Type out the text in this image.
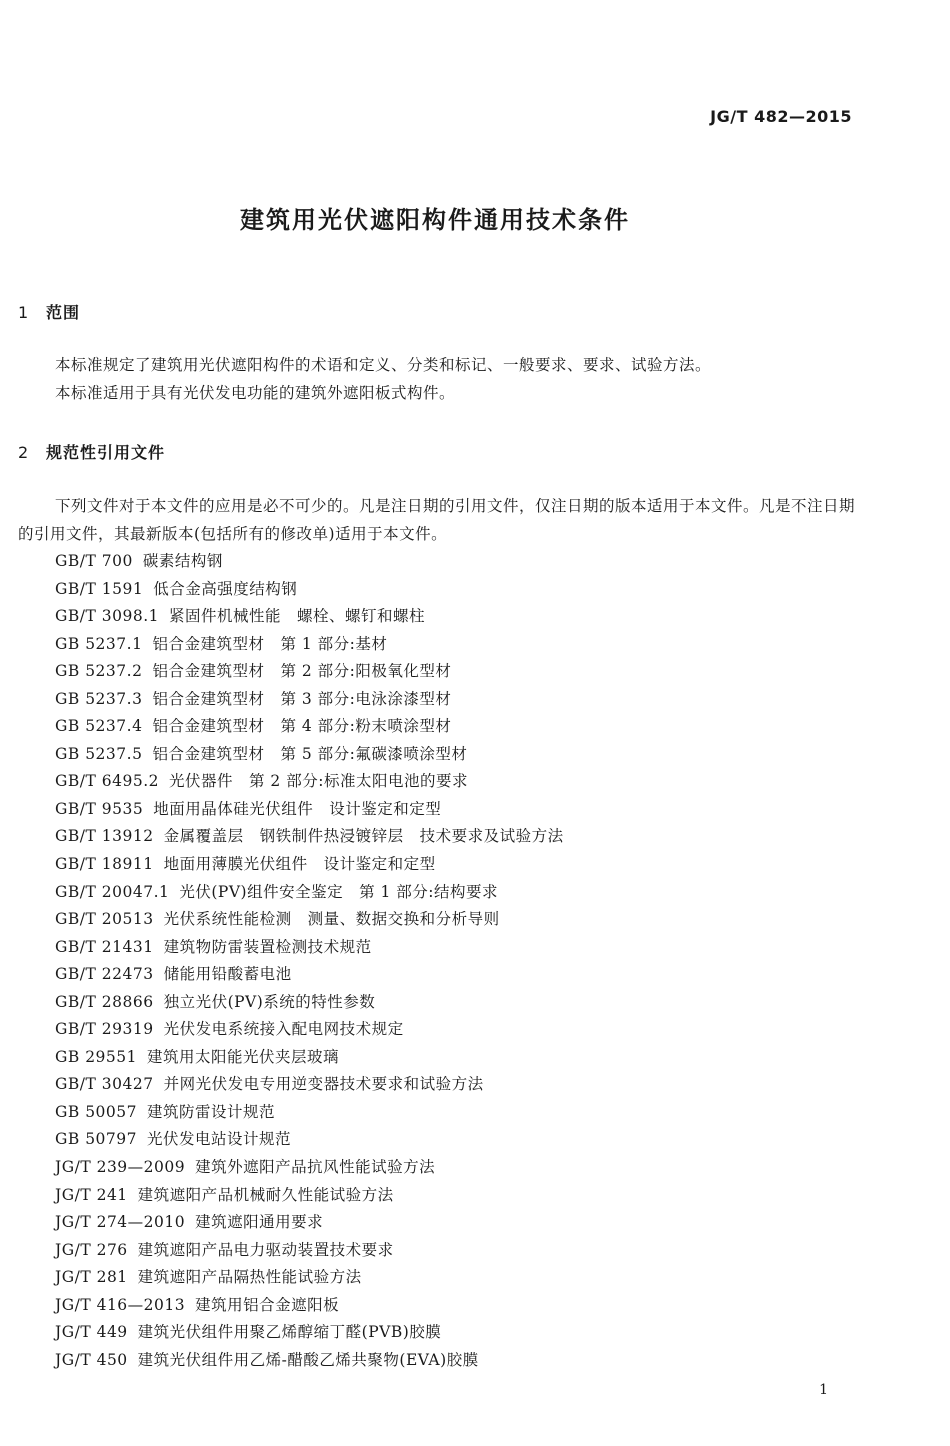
JG/T 482—2015
建筑用光伏遮阳构件通用技术条件
1 范围
本标准规定了建筑用光伏遮阳构件的术语和定义、分类和标记、一般要求、要求、试验方法。
本标准适用于具有光伏发电功能的建筑外遮阳板式构件。
2 规范性引用文件
下列文件对于本文件的应用是必不可少的。凡是注日期的引用文件，仅注日期的版本适用于本文件。凡是不注日期的引用文件，其最新版本(包括所有的修改单)适用于本文件。
GB/T 700 碳素结构钢
GB/T 1591 低合金高强度结构钢
GB/T 3098.1 紧固件机械性能　螺栓、螺钉和螺柱
GB 5237.1 铝合金建筑型材　第 1 部分:基材
GB 5237.2 铝合金建筑型材　第 2 部分:阳极氧化型材
GB 5237.3 铝合金建筑型材　第 3 部分:电泳涂漆型材
GB 5237.4 铝合金建筑型材　第 4 部分:粉末喷涂型材
GB 5237.5 铝合金建筑型材　第 5 部分:氟碳漆喷涂型材
GB/T 6495.2 光伏器件　第 2 部分:标准太阳电池的要求
GB/T 9535 地面用晶体硅光伏组件　设计鉴定和定型
GB/T 13912 金属覆盖层　钢铁制件热浸镀锌层　技术要求及试验方法
GB/T 18911 地面用薄膜光伏组件　设计鉴定和定型
GB/T 20047.1 光伏(PV)组件安全鉴定　第 1 部分:结构要求
GB/T 20513 光伏系统性能检测　测量、数据交换和分析导则
GB/T 21431 建筑物防雷装置检测技术规范
GB/T 22473 储能用铅酸蓄电池
GB/T 28866 独立光伏(PV)系统的特性参数
GB/T 29319 光伏发电系统接入配电网技术规定
GB 29551 建筑用太阳能光伏夹层玻璃
GB/T 30427 并网光伏发电专用逆变器技术要求和试验方法
GB 50057 建筑防雷设计规范
GB 50797 光伏发电站设计规范
JG/T 239—2009 建筑外遮阳产品抗风性能试验方法
JG/T 241 建筑遮阳产品机械耐久性能试验方法
JG/T 274—2010 建筑遮阳通用要求
JG/T 276 建筑遮阳产品电力驱动装置技术要求
JG/T 281 建筑遮阳产品隔热性能试验方法
JG/T 416—2013 建筑用铝合金遮阳板
JG/T 449 建筑光伏组件用聚乙烯醇缩丁醛(PVB)胶膜
JG/T 450 建筑光伏组件用乙烯-醋酸乙烯共聚物(EVA)胶膜
1
